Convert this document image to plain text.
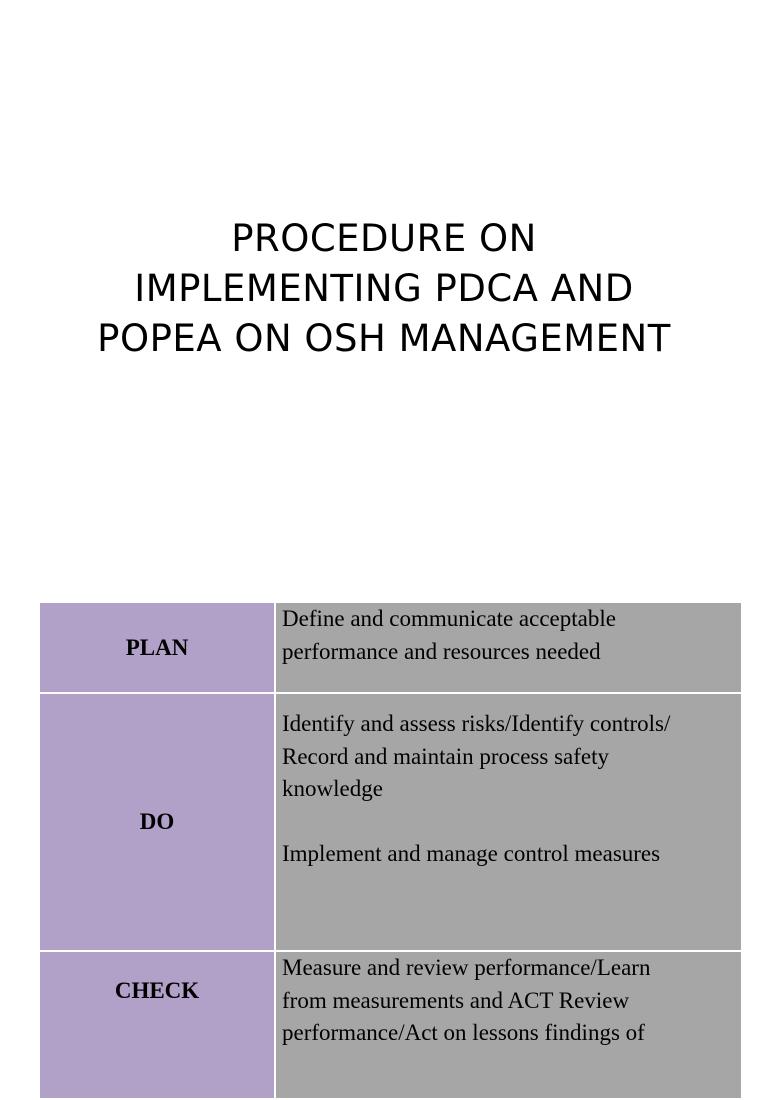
PROCEDURE ON
IMPLEMENTING PDCA AND
POPEA ON OSH MANAGEMENT
PLAN	Define and communicate acceptable
performance and resources needed

DO	Identify and assess risks/Identify controls/
Record and maintain process safety
knowledge

Implement and manage control measures

CHECK	Measure and review performance/Learn
from measurements and ACT Review
performance/Act on lessons findings of
